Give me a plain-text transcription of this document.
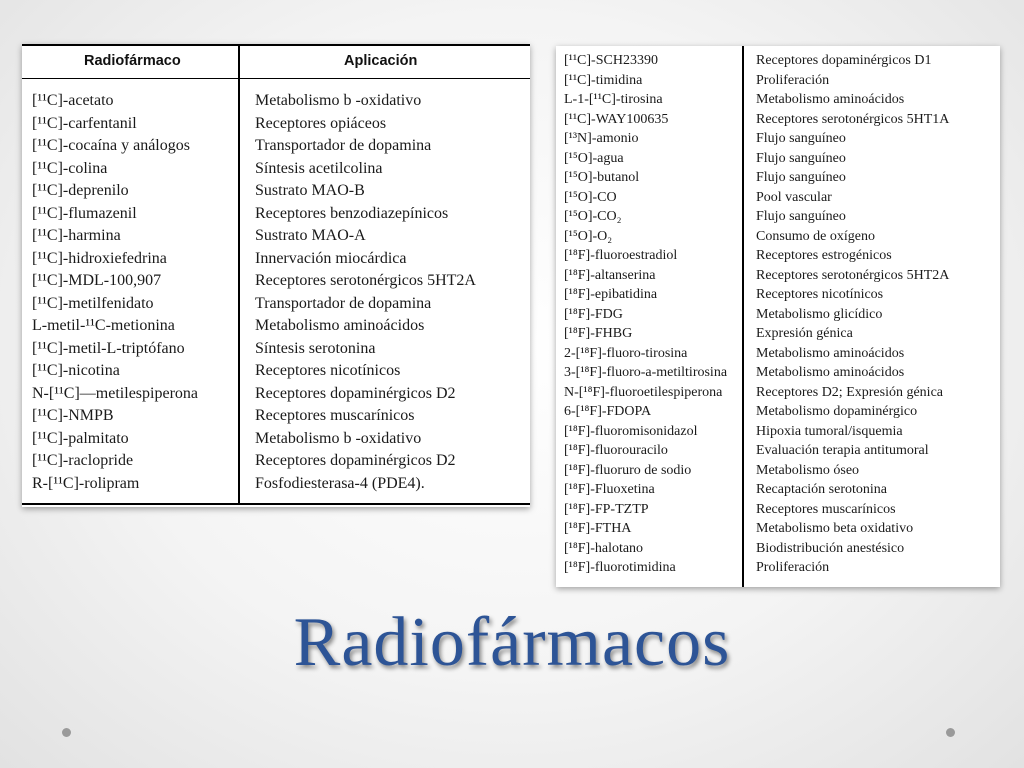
Radiofármaco	Aplicación
[¹¹C]-acetato	Metabolismo b -oxidativo
[¹¹C]-carfentanil	Receptores opiáceos
[¹¹C]-cocaína y análogos	Transportador de dopamina
[¹¹C]-colina	Síntesis acetilcolina
[¹¹C]-deprenilo	Sustrato MAO-B
[¹¹C]-flumazenil	Receptores benzodiazepínicos
[¹¹C]-harmina	Sustrato MAO-A
[¹¹C]-hidroxiefedrina	Innervación miocárdica
[¹¹C]-MDL-100,907	Receptores serotonérgicos 5HT2A
[¹¹C]-metilfenidato	Transportador de dopamina
L-metil-¹¹C-metionina	Metabolismo aminoácidos
[¹¹C]-metil-L-triptófano	Síntesis serotonina
[¹¹C]-nicotina	Receptores nicotínicos
N-[¹¹C]—metilespiperona	Receptores dopaminérgicos D2
[¹¹C]-NMPB	Receptores muscarínicos
[¹¹C]-palmitato	Metabolismo b -oxidativo
[¹¹C]-raclopride	Receptores dopaminérgicos D2
R-[¹¹C]-rolipram	Fosfodiesterasa-4 (PDE4).
[¹¹C]-SCH23390	Receptores dopaminérgicos D1
[¹¹C]-timidina	Proliferación
L-1-[¹¹C]-tirosina	Metabolismo aminoácidos
[¹¹C]-WAY100635	Receptores serotonérgicos 5HT1A
[¹³N]-amonio	Flujo sanguíneo
[¹⁵O]-agua	Flujo sanguíneo
[¹⁵O]-butanol	Flujo sanguíneo
[¹⁵O]-CO	Pool vascular
[¹⁵O]-CO₂	Flujo sanguíneo
[¹⁵O]-O₂	Consumo de oxígeno
[¹⁸F]-fluoroestradiol	Receptores estrogénicos
[¹⁸F]-altanserina	Receptores serotonérgicos 5HT2A
[¹⁸F]-epibatidina	Receptores nicotínicos
[¹⁸F]-FDG	Metabolismo glicídico
[¹⁸F]-FHBG	Expresión génica
2-[¹⁸F]-fluoro-tirosina	Metabolismo aminoácidos
3-[¹⁸F]-fluoro-a-metiltirosina Metabolismo aminoácidos
N-[¹⁸F]-fluoroetilespiperona Receptores D2; Expresión génica
6-[¹⁸F]-FDOPA	Metabolismo dopaminérgico
[¹⁸F]-fluoromisonidazol	Hipoxia tumoral/isquemia
[¹⁸F]-fluorouracilo	Evaluación terapia antitumoral
[¹⁸F]-fluoruro de sodio	Metabolismo óseo
[¹⁸F]-Fluoxetina	Recaptación serotonina
[¹⁸F]-FP-TZTP	Receptores muscarínicos
[¹⁸F]-FTHA	Metabolismo beta oxidativo
[¹⁸F]-halotano	Biodistribución anestésico
[¹⁸F]-fluorotimidina	Proliferación
Radiofármacos
